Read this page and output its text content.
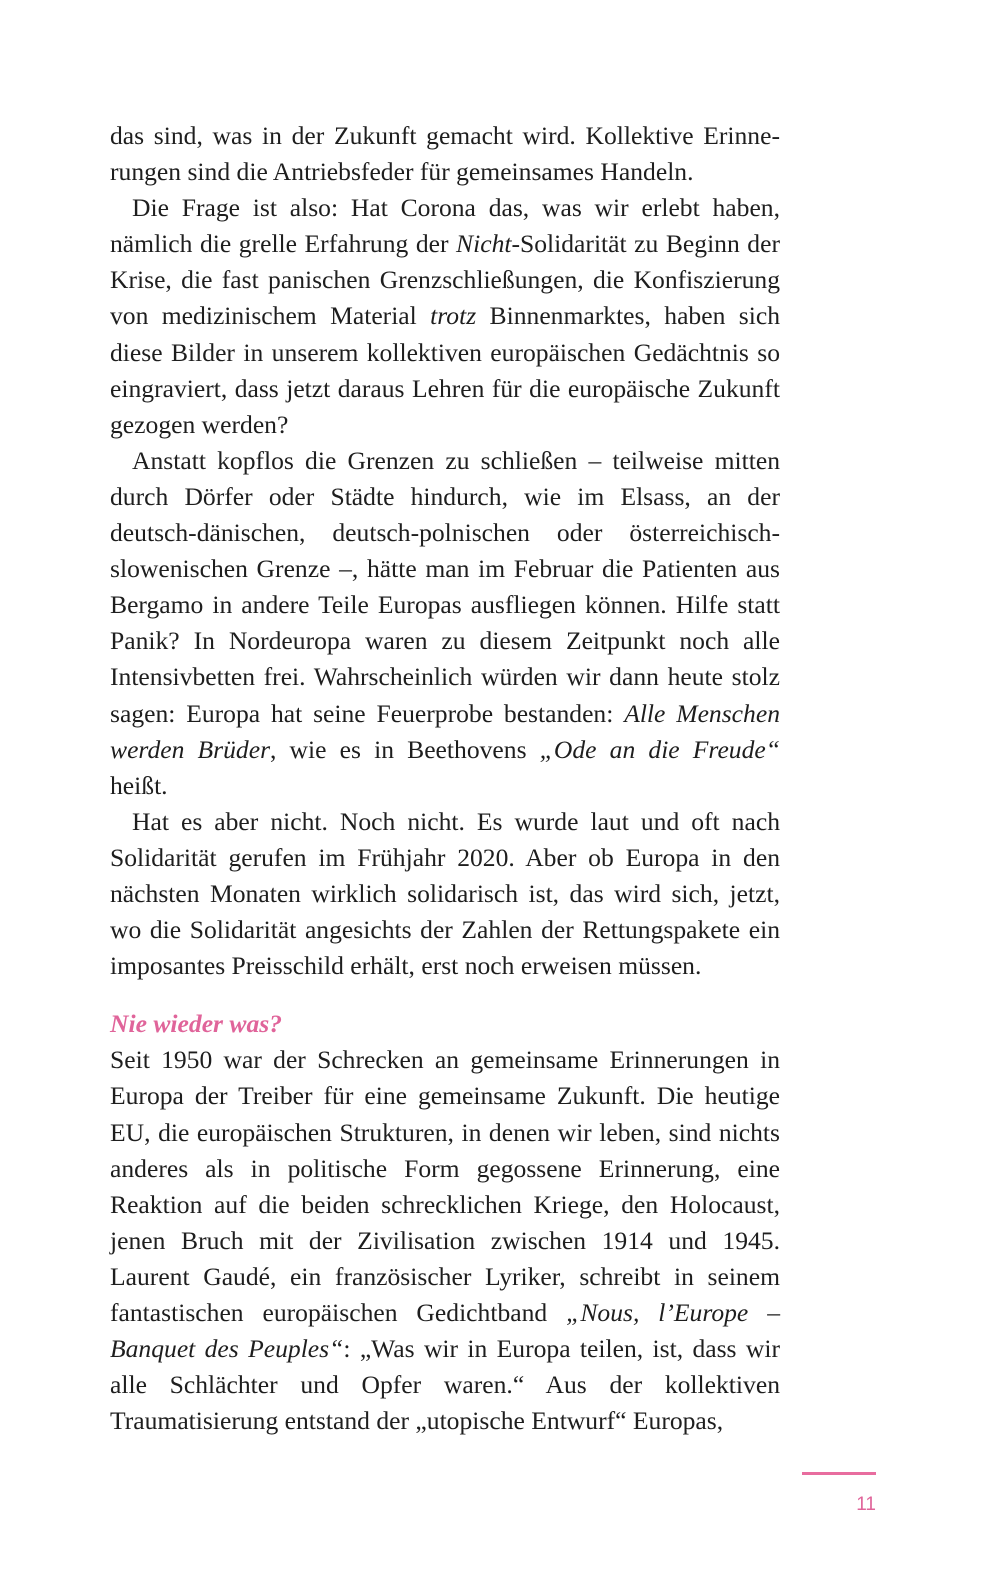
das sind, was in der Zukunft gemacht wird. Kollektive Erinnerungen sind die Antriebsfeder für gemeinsames Handeln.

Die Frage ist also: Hat Corona das, was wir erlebt haben, nämlich die grelle Erfahrung der Nicht-Solidarität zu Beginn der Krise, die fast panischen Grenzschließungen, die Konfiszierung von medizinischem Material trotz Binnenmarktes, haben sich diese Bilder in unserem kollektiven europäischen Gedächtnis so eingraviert, dass jetzt daraus Lehren für die europäische Zukunft gezogen werden?

Anstatt kopflos die Grenzen zu schließen – teilweise mitten durch Dörfer oder Städte hindurch, wie im Elsass, an der deutsch-dänischen, deutsch-polnischen oder österreichisch-slowenischen Grenze –, hätte man im Februar die Patienten aus Bergamo in andere Teile Europas ausfliegen können. Hilfe statt Panik? In Nordeuropa waren zu diesem Zeitpunkt noch alle Intensivbetten frei. Wahrscheinlich würden wir dann heute stolz sagen: Europa hat seine Feuerprobe bestanden: Alle Menschen werden Brüder, wie es in Beethovens „Ode an die Freude“ heißt.

Hat es aber nicht. Noch nicht. Es wurde laut und oft nach Solidarität gerufen im Frühjahr 2020. Aber ob Europa in den nächsten Monaten wirklich solidarisch ist, das wird sich, jetzt, wo die Solidarität angesichts der Zahlen der Rettungspakete ein imposantes Preisschild erhält, erst noch erweisen müssen.

Nie wieder was?

Seit 1950 war der Schrecken an gemeinsame Erinnerungen in Europa der Treiber für eine gemeinsame Zukunft. Die heutige EU, die europäischen Strukturen, in denen wir leben, sind nichts anderes als in politische Form gegossene Erinnerung, eine Reaktion auf die beiden schrecklichen Kriege, den Holocaust, jenen Bruch mit der Zivilisation zwischen 1914 und 1945. Laurent Gaudé, ein französischer Lyriker, schreibt in seinem fantastischen europäischen Gedichtband „Nous, l’Europe – Banquet des Peuples“: „Was wir in Europa teilen, ist, dass wir alle Schlächter und Opfer waren.“ Aus der kollektiven Traumatisierung entstand der „utopische Entwurf“ Europas,

11
